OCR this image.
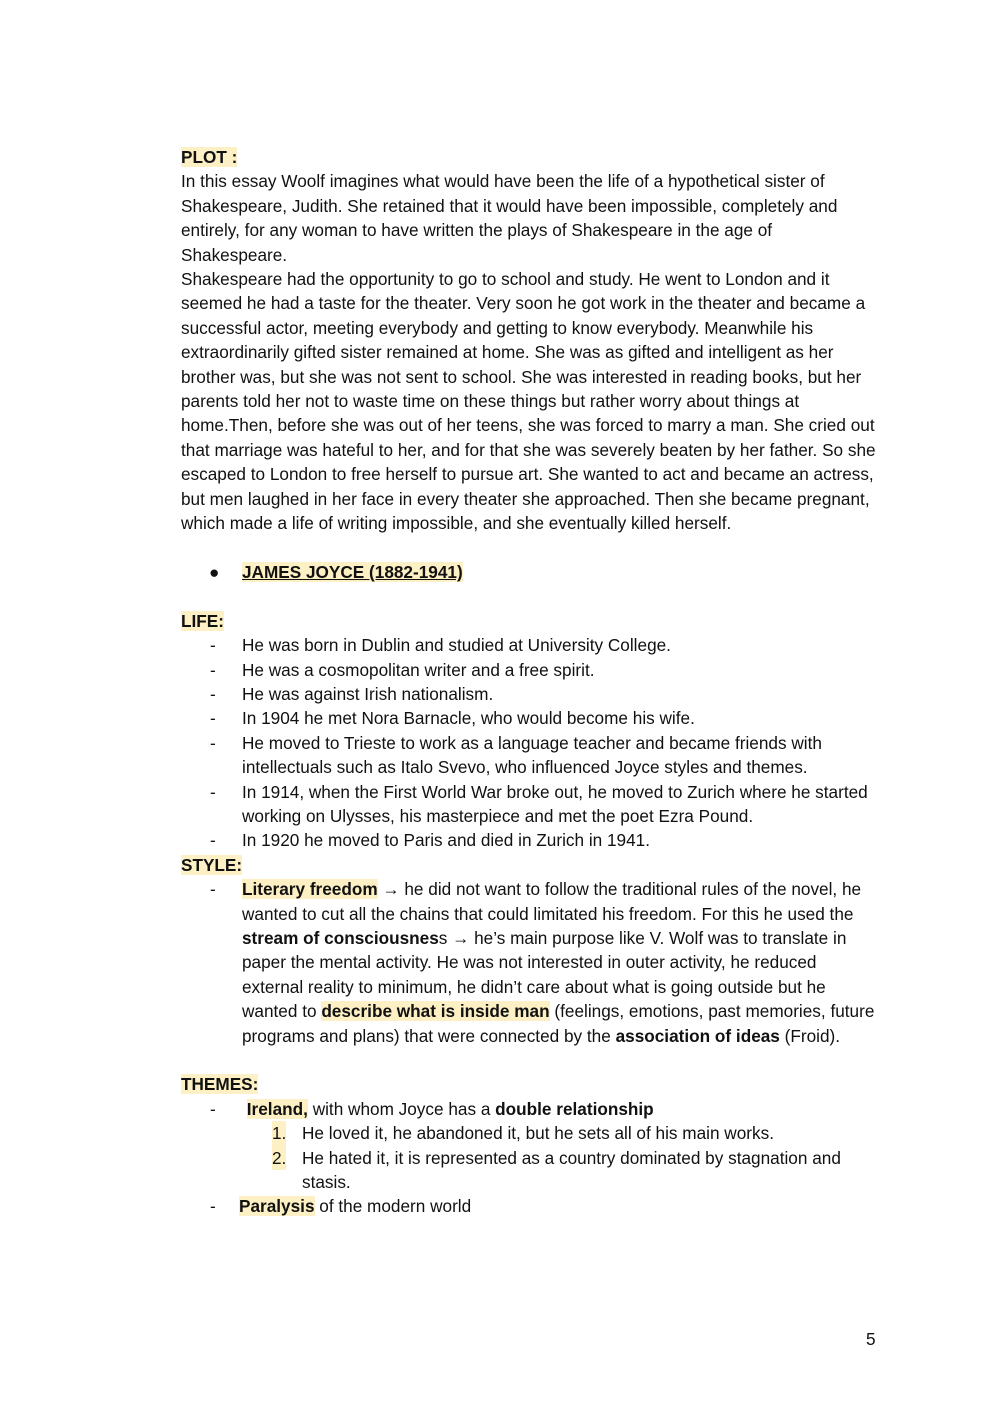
PLOT :

In this essay Woolf imagines what would have been the life of a hypothetical sister of Shakespeare, Judith. She retained that it would have been impossible, completely and entirely, for any woman to have written the plays of Shakespeare in the age of Shakespeare.

Shakespeare had the opportunity to go to school and study. He went to London and it seemed he had a taste for the theater. Very soon he got work in the theater and became a successful actor, meeting everybody and getting to know everybody. Meanwhile his extraordinarily gifted sister remained at home. She was as gifted and intelligent as her brother was, but she was not sent to school. She was interested in reading books, but her parents told her not to waste time on these things but rather worry about things at home.Then, before she was out of her teens, she was forced to marry a man. She cried out that marriage was hateful to her, and for that she was severely beaten by her father. So she escaped to London to free herself to pursue art. She wanted to act and became an actress, but men laughed in her face in every theater she approached. Then she became pregnant, which made a life of writing impossible, and she eventually killed herself.

● JAMES JOYCE (1882-1941)

LIFE:

- He was born in Dublin and studied at University College.
- He was a cosmopolitan writer and a free spirit.
- He was against Irish nationalism.
- In 1904 he met Nora Barnacle, who would become his wife.
- He moved to Trieste to work as a language teacher and became friends with intellectuals such as Italo Svevo, who influenced Joyce styles and themes.
- In 1914, when the First World War broke out, he moved to Zurich where he started working on Ulysses, his masterpiece and met the poet Ezra Pound.
- In 1920 he moved to Paris and died in Zurich in 1941.

STYLE:

- Literary freedom → he did not want to follow the traditional rules of the novel, he wanted to cut all the chains that could limitated his freedom. For this he used the stream of consciousness → he’s main purpose like V. Wolf was to translate in paper the mental activity. He was not interested in outer activity, he reduced external reality to minimum, he didn’t care about what is going outside but he wanted to describe what is inside man (feelings, emotions, past memories, future programs and plans) that were connected by the association of ideas (Froid).

THEMES:

- Ireland, with whom Joyce has a double relationship
1. He loved it, he abandoned it, but he sets all of his main works.
2. He hated it, it is represented as a country dominated by stagnation and stasis.
- Paralysis of the modern world
5
